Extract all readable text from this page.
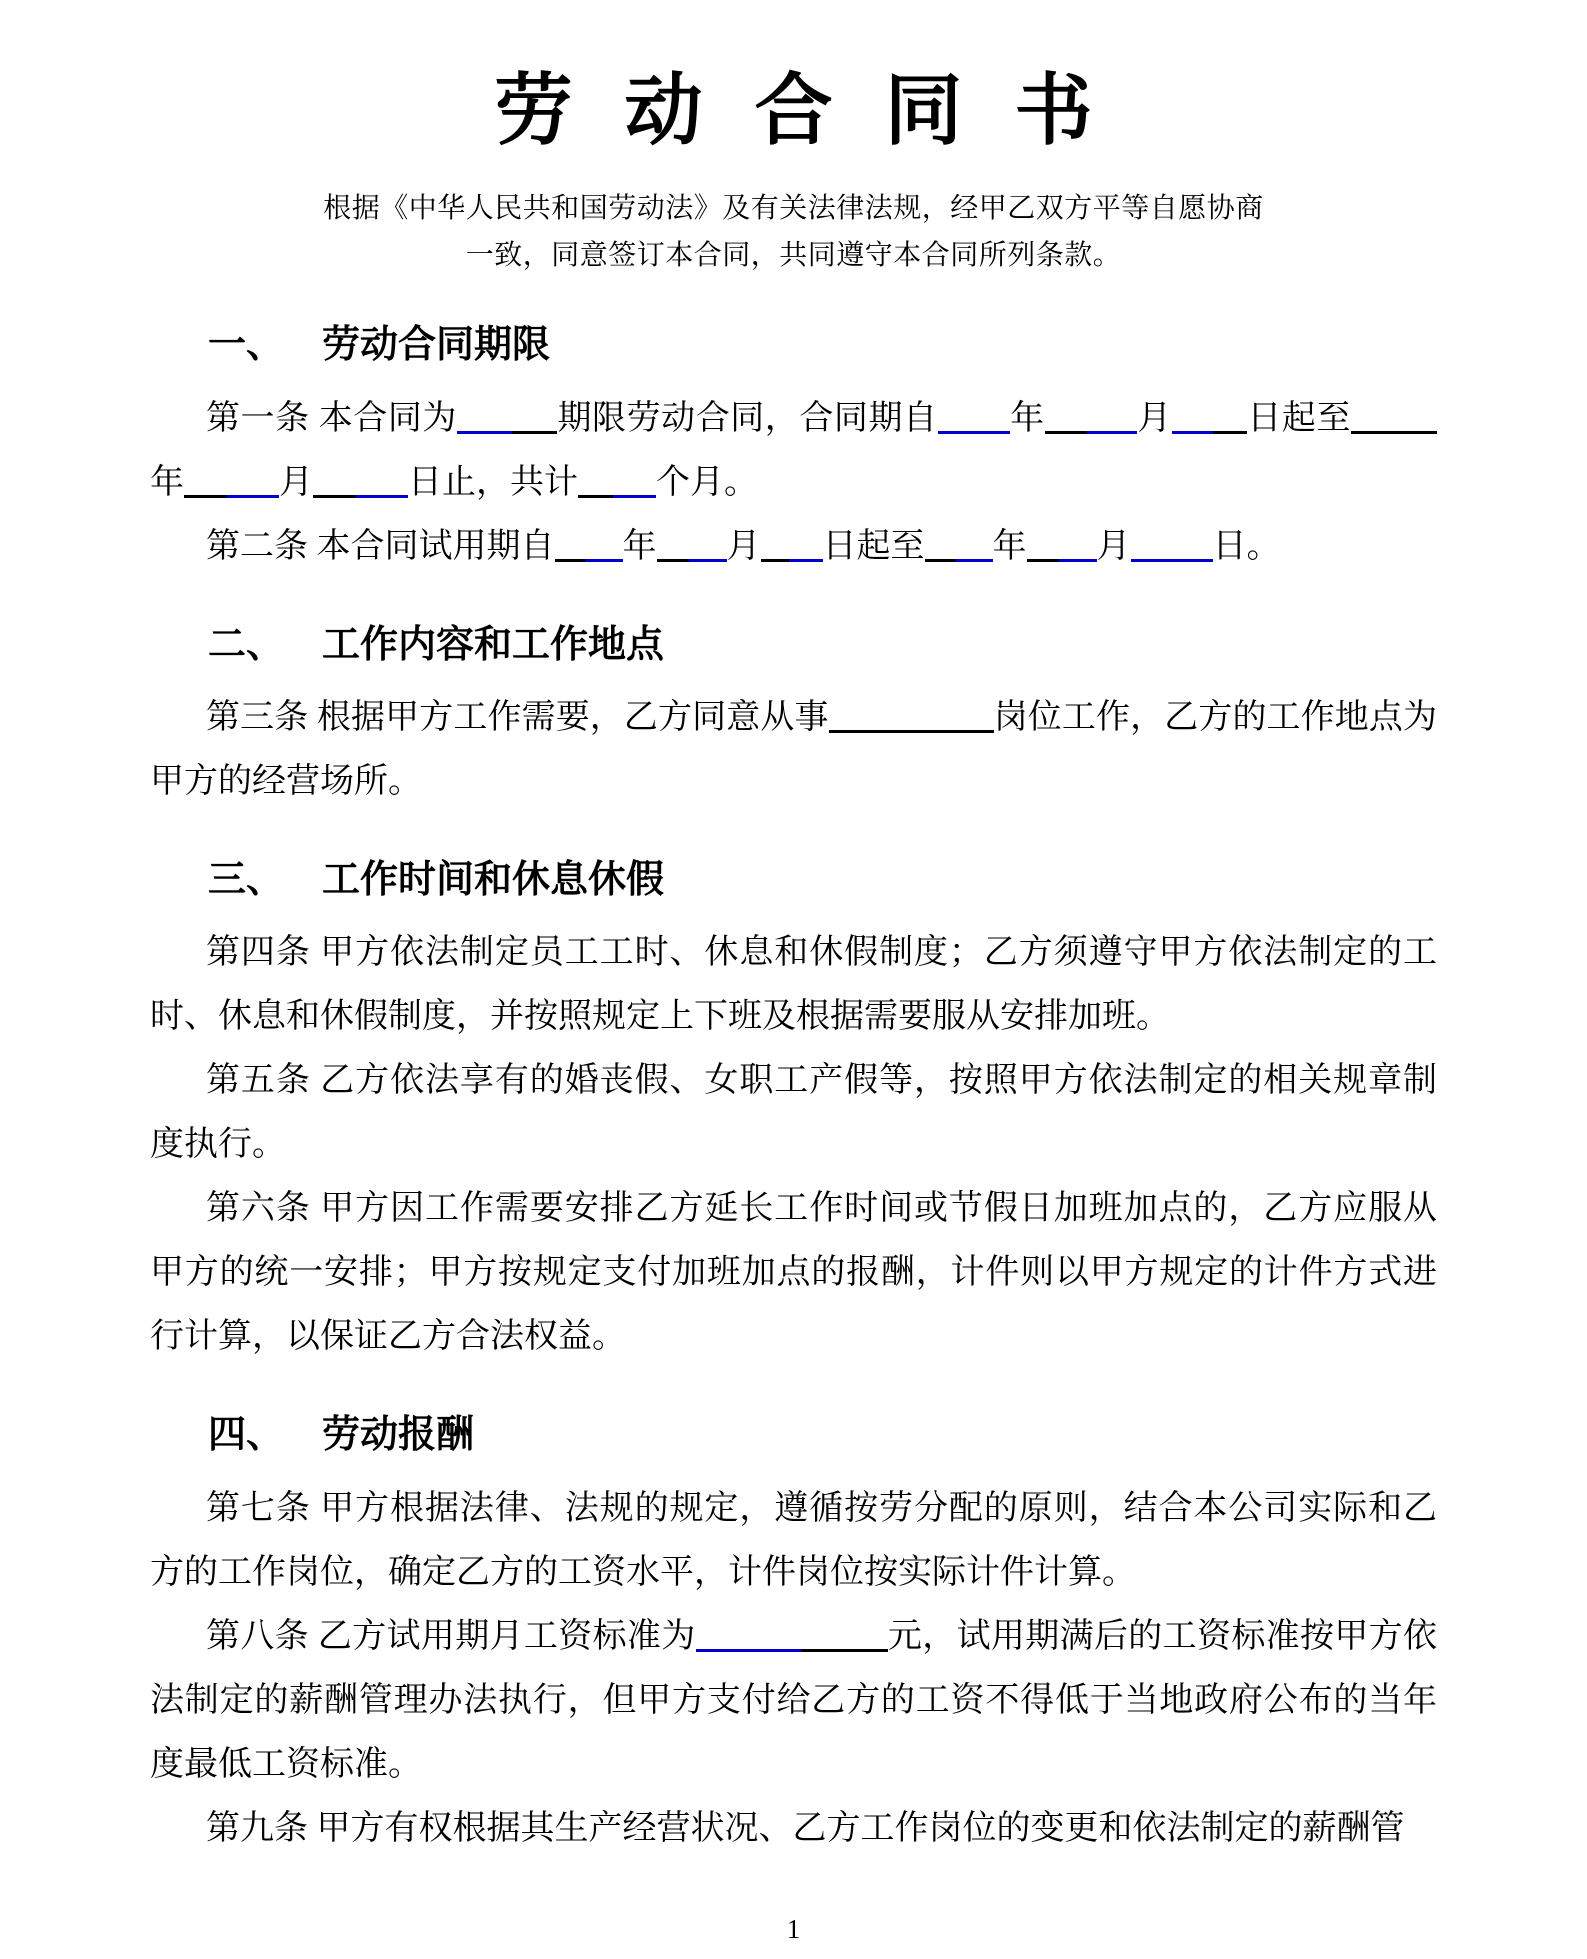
劳动合同书

根据《中华人民共和国劳动法》及有关法律法规，经甲乙双方平等自愿协商一致，同意签订本合同，共同遵守本合同所列条款。

一、 劳动合同期限

第一条 本合同为	期限劳动合同，合同期自 年	月 日起至年	月	日止，共计 个月。

第二条 本合同试用期自 年 月 日起至 年 月 日。

二、 工作内容和工作地点

第三条 根据甲方工作需要，乙方同意从事	岗位工作，乙方的工作地点为甲方的经营场所。

三、 工作时间和休息休假

第四条 甲方依法制定员工工时、休息和休假制度；乙方须遵守甲方依法制定的工时、休息和休假制度，并按照规定上下班及根据需要服从安排加班。

第五条 乙方依法享有的婚丧假、女职工产假等，按照甲方依法制定的相关规章制度执行。

第六条 甲方因工作需要安排乙方延长工作时间或节假日加班加点的，乙方应服从甲方的统一安排；甲方按规定支付加班加点的报酬，计件则以甲方规定的计件方式进行计算，以保证乙方合法权益。

四、 劳动报酬

第七条 甲方根据法律、法规的规定，遵循按劳分配的原则，结合本公司实际和乙方的工作岗位，确定乙方的工资水平，计件岗位按实际计件计算。

第八条 乙方试用期月工资标准为	元，试用期满后的工资标准按甲方依法制定的薪酬管理办法执行，但甲方支付给乙方的工资不得低于当地政府公布的当年度最低工资标准。

第九条 甲方有权根据其生产经营状况、乙方工作岗位的变更和依法制定的薪酬管

1
